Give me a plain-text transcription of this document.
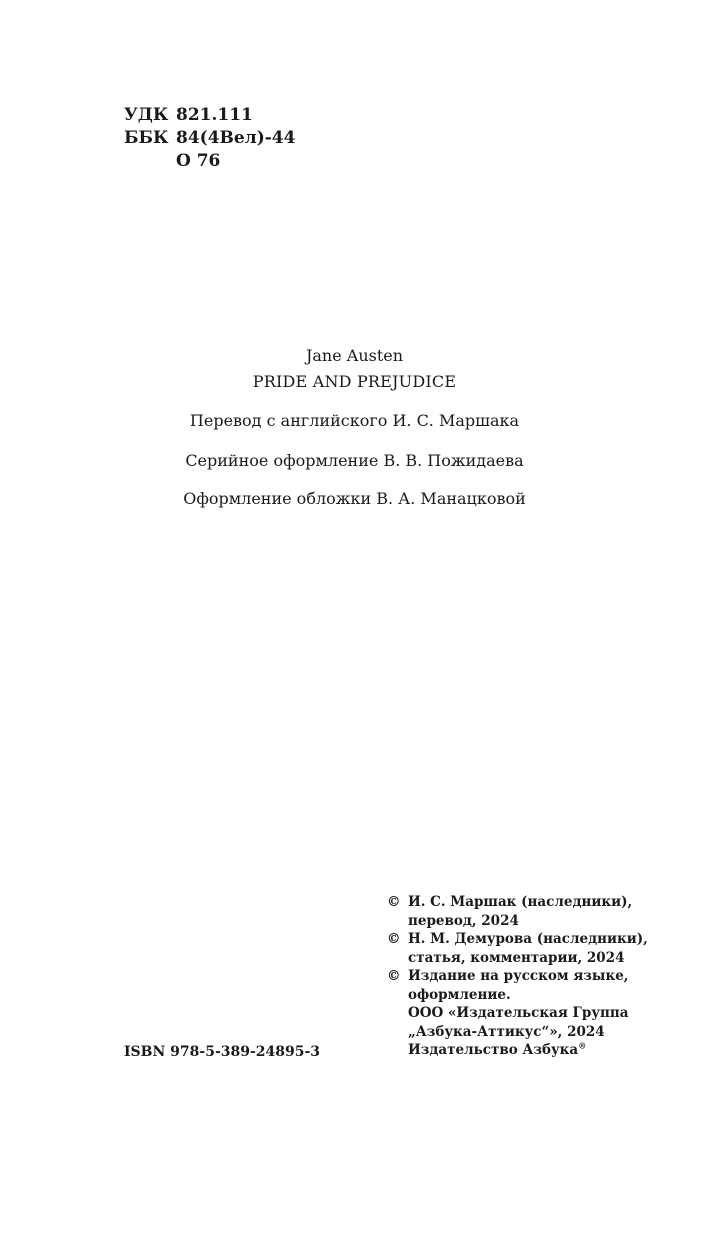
УДК 821.111
ББК 84(4Вел)-44
О 76
Jane Austen
PRIDE AND PREJUDICE
Перевод с английского И. С. Маршака
Серийное оформление В. В. Пожидаева
Оформление обложки В. А. Манацковой
ISBN 978-5-389-24895-3
© И. С. Маршак (наследники),
перевод, 2024
© Н. М. Демурова (наследники),
статья, комментарии, 2024
© Издание на русском языке,
оформление.
ООО «Издательская Группа
„Азбука-Аттикус“», 2024
Издательство Азбука®
